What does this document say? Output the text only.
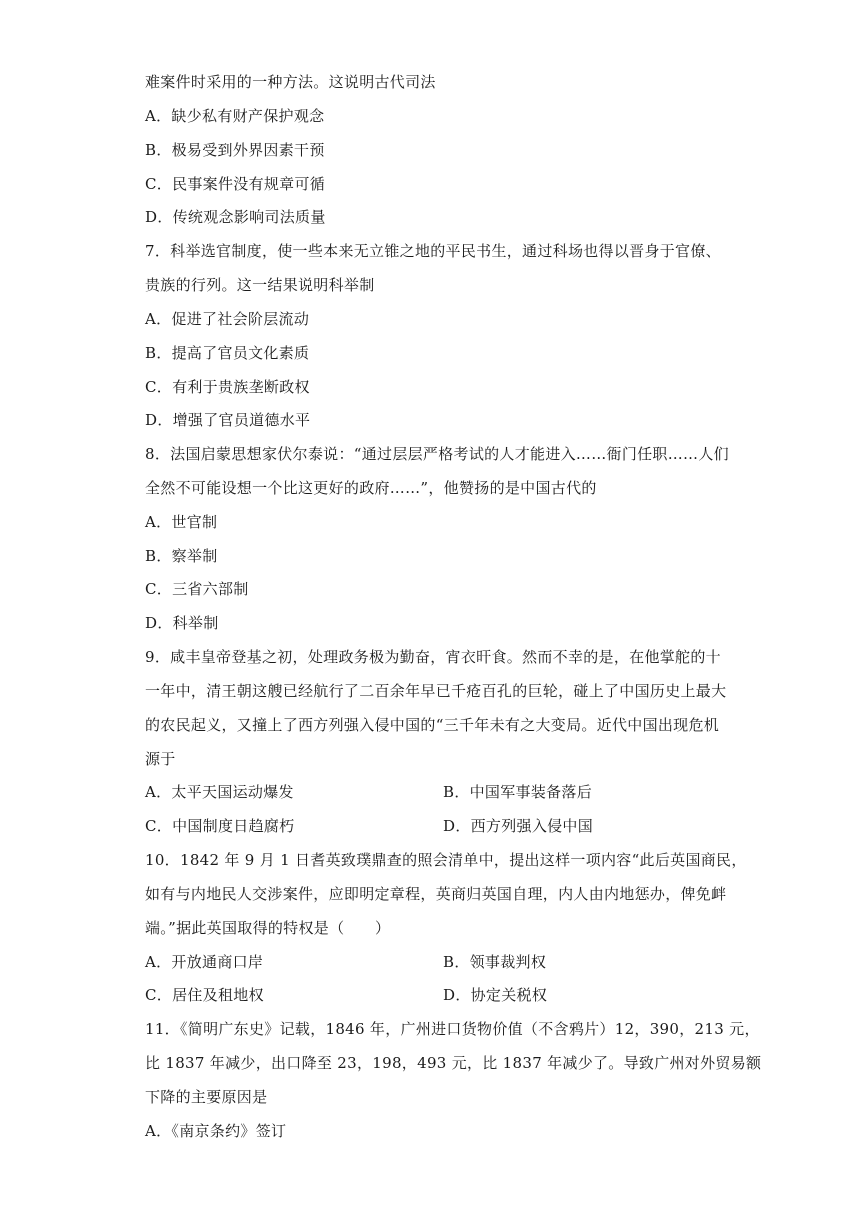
难案件时采用的一种方法。这说明古代司法
A．缺少私有财产保护观念
B．极易受到外界因素干预
C．民事案件没有规章可循
D．传统观念影响司法质量
7．科举选官制度，使一些本来无立锥之地的平民书生，通过科场也得以晋身于官僚、
贵族的行列。这一结果说明科举制
A．促进了社会阶层流动
B．提高了官员文化素质
C．有利于贵族垄断政权
D．增强了官员道德水平
8．法国启蒙思想家伏尔泰说：“通过层层严格考试的人才能进入……衙门任职……人们
全然不可能设想一个比这更好的政府……”，他赞扬的是中国古代的
A．世官制
B．察举制
C．三省六部制
D．科举制
9．咸丰皇帝登基之初，处理政务极为勤奋，宵衣旰食。然而不幸的是，在他掌舵的十
一年中，清王朝这艘已经航行了二百余年早已千疮百孔的巨轮，碰上了中国历史上最大
的农民起义，又撞上了西方列强入侵中国的“三千年未有之大变局。近代中国出现危机
源于
A．太平天国运动爆发	B．中国军事装备落后
C．中国制度日趋腐朽	D．西方列强入侵中国
10．1842 年 9 月 1 日耆英致璞鼎查的照会清单中，提出这样一项内容“此后英国商民，
如有与内地民人交涉案件，应即明定章程，英商归英国自理，内人由内地惩办，俾免衅
端。”据此英国取得的特权是（　　）
A．开放通商口岸	B．领事裁判权
C．居住及租地权	D．协定关税权
11．《简明广东史》记载，1846 年，广州进口货物价值（不含鸦片）12，390，213 元，
比 1837 年减少，出口降至 23，198，493 元，比 1837 年减少了。导致广州对外贸易额
下降的主要原因是
A．《南京条约》签订
